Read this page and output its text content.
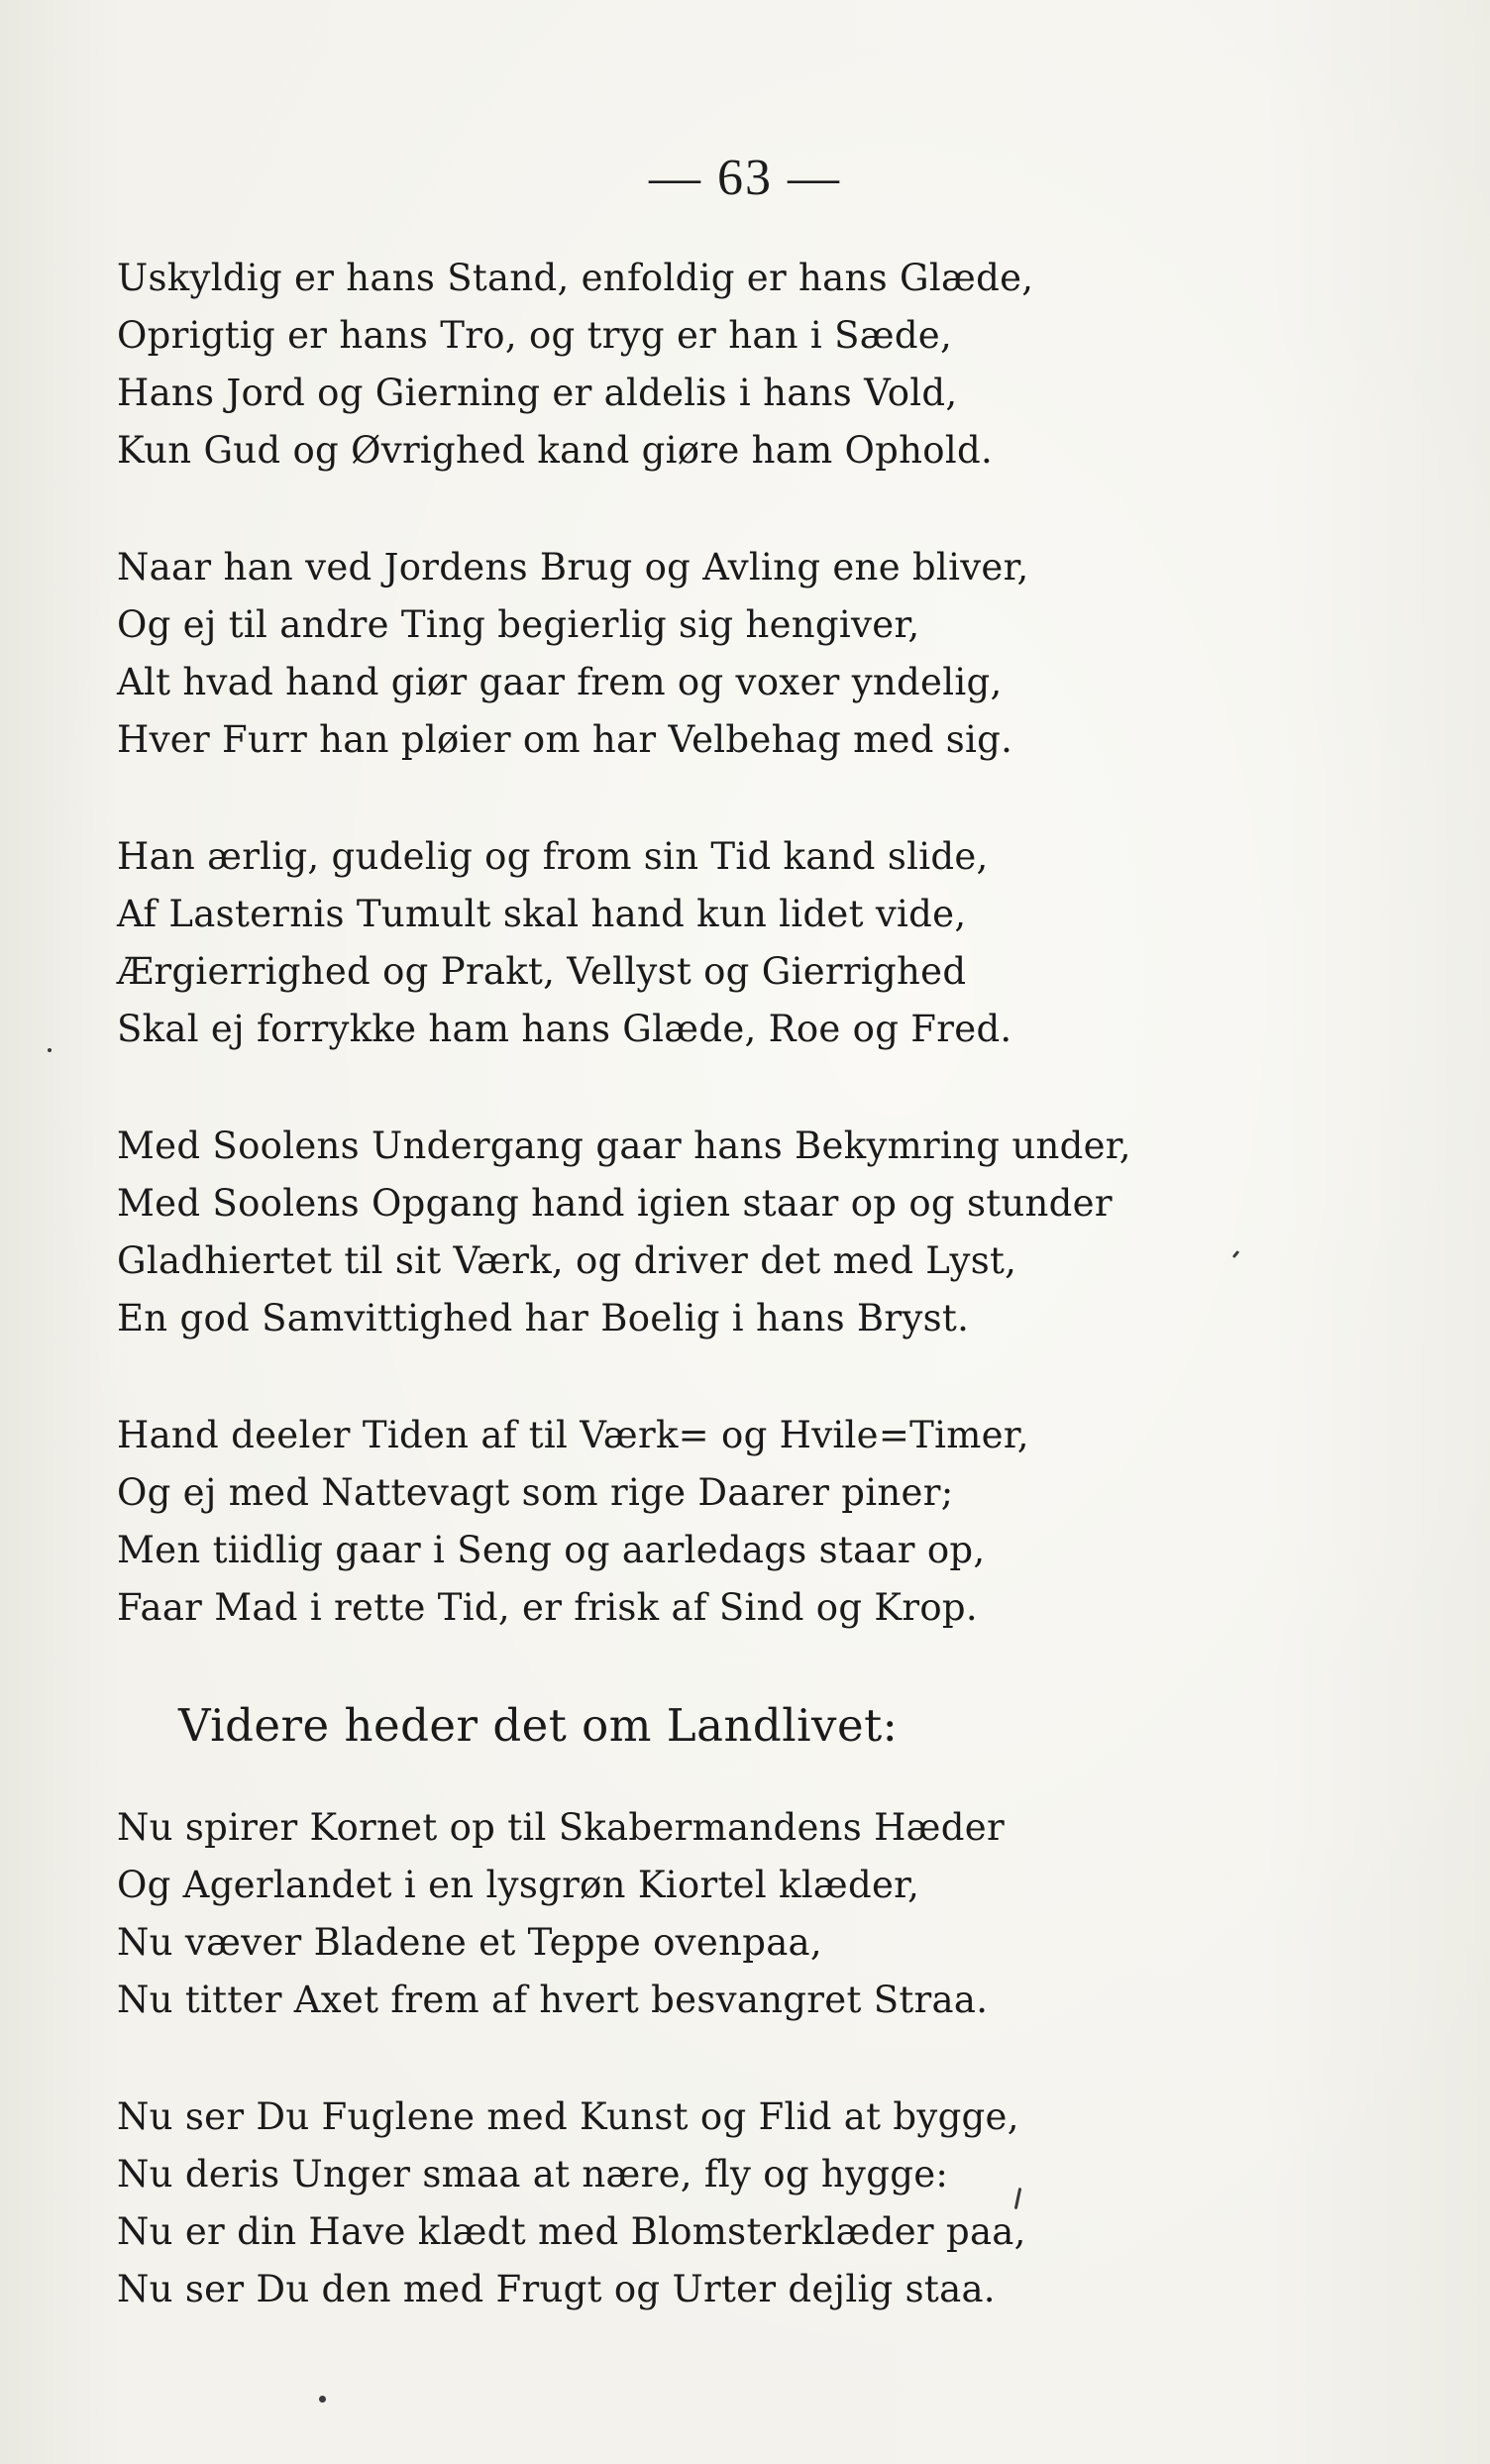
— 63 —
Uskyldig er hans Stand, enfoldig er hans Glæde,
Oprigtig er hans Tro, og tryg er han i Sæde,
Hans Jord og Gierning er aldelis i hans Vold,
Kun Gud og Øvrighed kand giøre ham Ophold.
Naar han ved Jordens Brug og Avling ene bliver,
Og ej til andre Ting begierlig sig hengiver,
Alt hvad hand giør gaar frem og voxer yndelig,
Hver Furr han pløier om har Velbehag med sig.
Han ærlig, gudelig og from sin Tid kand slide,
Af Lasternis Tumult skal hand kun lidet vide,
Ærgierrighed og Prakt, Vellyst og Gierrighed
Skal ej forrykke ham hans Glæde, Roe og Fred.
Med Soolens Undergang gaar hans Bekymring under,
Med Soolens Opgang hand igien staar op og stunder
Gladhiertet til sit Værk, og driver det med Lyst,
En god Samvittighed har Boelig i hans Bryst.
Hand deeler Tiden af til Værk= og Hvile=Timer,
Og ej med Nattevagt som rige Daarer piner;
Men tiidlig gaar i Seng og aarledags staar op,
Faar Mad i rette Tid, er frisk af Sind og Krop.
Videre heder det om Landlivet:
Nu spirer Kornet op til Skabermandens Hæder
Og Agerlandet i en lysgrøn Kiortel klæder,
Nu væver Bladene et Teppe ovenpaa,
Nu titter Axet frem af hvert besvangret Straa.
Nu ser Du Fuglene med Kunst og Flid at bygge,
Nu deris Unger smaa at nære, fly og hygge:
Nu er din Have klædt med Blomsterklæder paa,
Nu ser Du den med Frugt og Urter dejlig staa.
